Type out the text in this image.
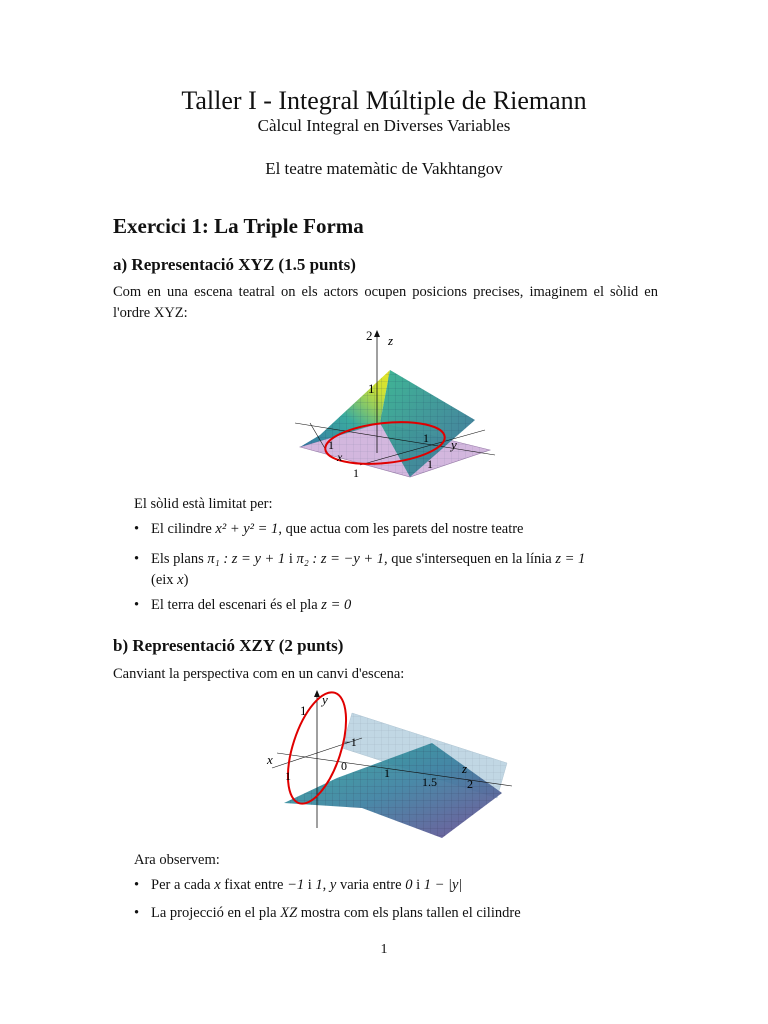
Taller I - Integral Múltiple de Riemann
Càlcul Integral en Diverses Variables
El teatre matemàtic de Vakhtangov
Exercici 1: La Triple Forma
a) Representació XYZ (1.5 punts)
Com en una escena teatral on els actors ocupen posicions precises, imaginem el sòlid en l'ordre XYZ:
2 z
1
y
1
1
x
1
1
El sòlid està limitat per:
• El cilindre x² + y² = 1, que actua com les parets del nostre teatre
• Els plans π₁ : z = y + 1 i π₂ : z = −y + 1, que s'intersequen en la línia z = 1
(eix x)
• El terra del escenari és el pla z = 0
b) Representació XZY (2 punts)
Canviant la perspectiva com en un canvi d'escena:
y
1
−1
x	0
1	1
1.5
z
2
Ara observem:
• Per a cada x fixat entre −1 i 1, y varia entre 0 i 1 − |y|
• La projecció en el pla XZ mostra com els plans tallen el cilindre
1
